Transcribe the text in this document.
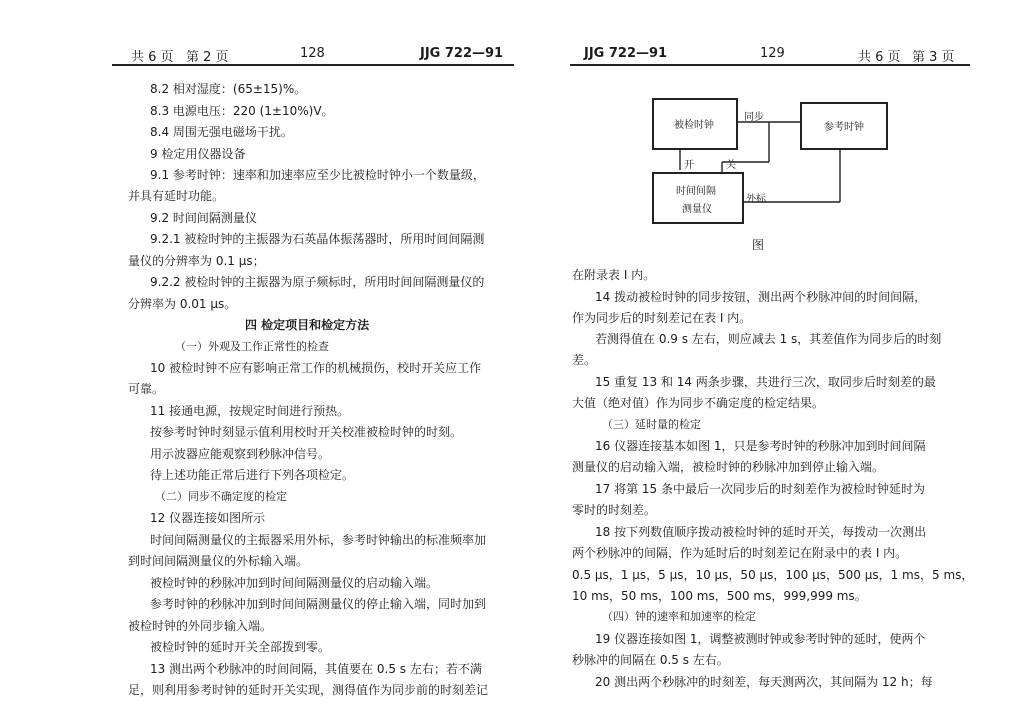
共 6 页 第 2 页	128	JJG 722—91
8.2 相对湿度：(65±15)%。
8.3 电源电压：220 (1±10%)V。
8.4 周围无强电磁场干扰。
9 检定用仪器设备
9.1 参考时钟：速率和加速率应至少比被检时钟小一个数量级，
并具有延时功能。
9.2 时间间隔测量仪
9.2.1 被检时钟的主振器为石英晶体振荡器时，所用时间间隔测
量仪的分辨率为 0.1 μs；
9.2.2 被检时钟的主振器为原子频标时，所用时间间隔测量仪的
分辨率为 0.01 μs。
四 检定项目和检定方法
（一）外观及工作正常性的检查
10 被检时钟不应有影响正常工作的机械损伤，校时开关应工作
可靠。
11 接通电源，按规定时间进行预热。
按参考时钟时刻显示值利用校时开关校准被检时钟的时刻。
用示波器应能观察到秒脉冲信号。
待上述功能正常后进行下列各项检定。
（二）同步不确定度的检定
12 仪器连接如图所示
时间间隔测量仪的主振器采用外标，参考时钟输出的标准频率加
到时间间隔测量仪的外标输入端。
被检时钟的秒脉冲加到时间间隔测量仪的启动输入端。
参考时钟的秒脉冲加到时间间隔测量仪的停止输入端，同时加到
被检时钟的外同步输入端。
被检时钟的延时开关全部拨到零。
13 测出两个秒脉冲的时间间隔，其值要在 0.5 s 左右；若不满
足，则利用参考时钟的延时开关实现，测得值作为同步前的时刻差记
JJG 722—91	129	共 6 页 第 3 页
被检时钟	参考时钟
时间间隔
测量仪
同步
开	关
外标
图
在附录表 I 内。
14 拨动被检时钟的同步按钮，测出两个秒脉冲间的时间间隔，
作为同步后的时刻差记在表 I 内。
若测得值在 0.9 s 左右，则应减去 1 s，其差值作为同步后的时刻
差。
15 重复 13 和 14 两条步骤，共进行三次，取同步后时刻差的最
大值（绝对值）作为同步不确定度的检定结果。
（三）延时量的检定
16 仪器连接基本如图 1，只是参考时钟的秒脉冲加到时间间隔
测量仪的启动输入端，被检时钟的秒脉冲加到停止输入端。
17 将第 15 条中最后一次同步后的时刻差作为被检时钟延时为
零时的时刻差。
18 按下列数值顺序拨动被检时钟的延时开关，每拨动一次测出
两个秒脉冲的间隔，作为延时后的时刻差记在附录中的表 I 内。
0.5 μs，1 μs，5 μs，10 μs，50 μs，100 μs，500 μs，1 ms，5 ms，
10 ms，50 ms，100 ms，500 ms，999,999 ms。
（四）钟的速率和加速率的检定
19 仪器连接如图 1，调整被测时钟或参考时钟的延时，使两个
秒脉冲的间隔在 0.5 s 左右。
20 测出两个秒脉冲的时刻差，每天测两次，其间隔为 12 h；每
